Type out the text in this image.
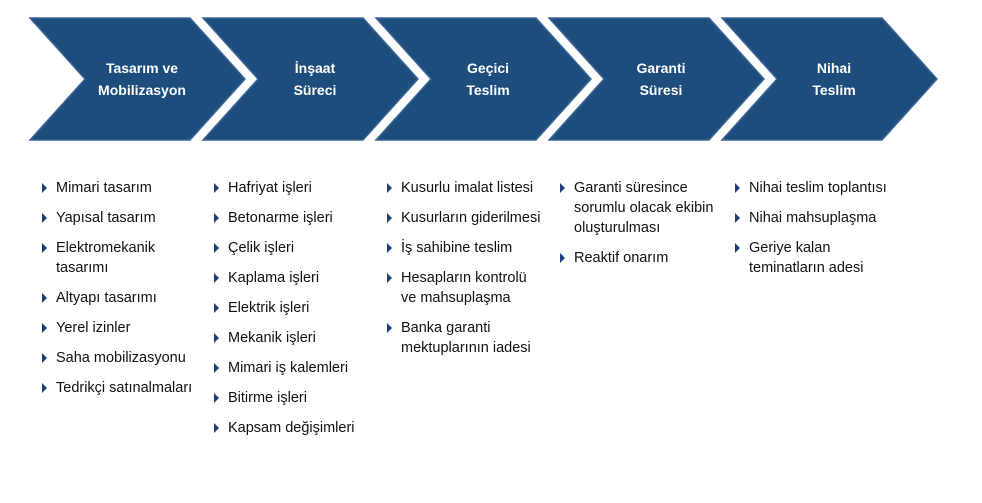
Tasarım ve
Mobilizasyon
İnşaat
Süreci
Geçici
Teslim
Garanti
Süresi
Nihai
Teslim
Mimari tasarım
Yapısal tasarım
Elektromekanik tasarımı
Altyapı tasarımı
Yerel izinler
Saha mobilizasyonu
Tedrikçi satınalmaları
Hafriyat işleri
Betonarme işleri
Çelik işleri
Kaplama işleri
Elektrik işleri
Mekanik işleri
Mimari iş kalemleri
Bitirme işleri
Kapsam değişimleri
Kusurlu imalat listesi
Kusurların giderilmesi
İş sahibine teslim
Hesapların kontrolü ve mahsuplaşma
Banka garanti mektuplarının iadesi
Garanti süresince sorumlu olacak ekibin oluşturulması
Reaktif onarım
Nihai teslim toplantısı
Nihai mahsuplaşma
Geriye kalan teminatların adesi
